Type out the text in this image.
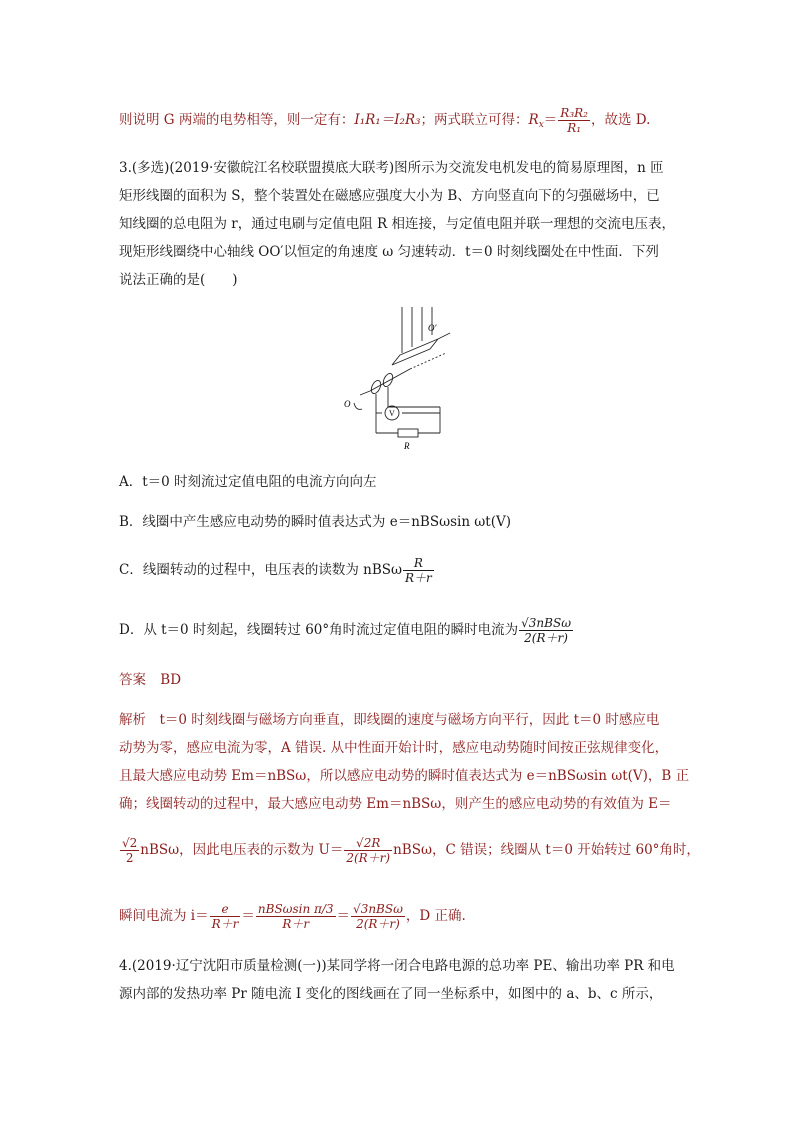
则说明 G 两端的电势相等，则一定有：I₁R₁＝I₂R₃；两式联立可得：$R_x= \frac{\text{R₃R₂}}{\text{R₁}}$ ，故选 D.
3.(多选)(2019·安徽皖江名校联盟摸底大联考)图所示为交流发电机发电的简易原理图，n 匝
矩形线圈的面积为 S，整个装置处在磁感应强度大小为 B、方向竖直向下的匀强磁场中，已
知线圈的总电阻为 r，通过电刷与定值电阻 R 相连接，与定值电阻并联一理想的交流电压表，
现矩形线圈绕中心轴线 OO′以恒定的角速度 ω 匀速转动．t＝0 时刻线圈处在中性面．下列
说法正确的是(　　)
O′
O
V
R
A．t＝0 时刻流过定值电阻的电流方向向左
B．线圈中产生感应电动势的瞬时值表达式为 e＝nBSωsin ωt(V)
C．线圈转动的过程中，电压表的读数为 nBSω $\frac{R}{R+r}$
D．从 t＝0 时刻起，线圈转过 60°角时流过定值电阻的瞬时电流为 $\frac{\text{√3nBSω}}{2(R+r)}$
答案 BD
解析　t＝0 时刻线圈与磁场方向垂直，即线圈的速度与磁场方向平行，因此 t＝0 时感应电
动势为零，感应电流为零，A 错误. 从中性面开始计时，感应电动势随时间按正弦规律变化，
且最大感应电动势 Em＝nBSω，所以感应电动势的瞬时值表达式为 e＝nBSωsin ωt(V)，B 正
确；线圈转动的过程中，最大感应电动势 Em＝nBSω，则产生的感应电动势的有效值为 E＝
$\frac{√2}{2}$ nBSω，因此电压表的示数为 $U= \frac{√2R}{2(R+r)}$ nBSω，C 错误；线圈从 t＝0 开始转过 60°角时，
瞬间电流为 $i= \frac{e}{R+r} = \frac{\text{nBSωsin π/3}}{R+r} = \frac{\text{√3nBSω}}{2(R+r)}$ ，D 正确.
4.(2019·辽宁沈阳市质量检测(一))某同学将一闭合电路电源的总功率 PE、输出功率 PR 和电
源内部的发热功率 Pr 随电流 I 变化的图线画在了同一坐标系中，如图中的 a、b、c 所示，
